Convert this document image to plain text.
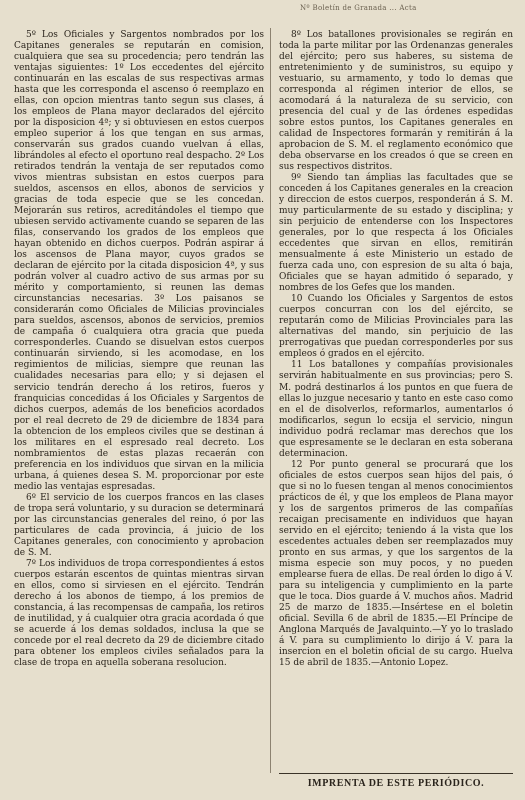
Nº Boletín de Granada ... Acta

5º Los Oficiales y Sargentos nombrados por los Capitanes generales se reputarán en comision, cualquiera que sea su procedencia; pero tendrán las ventajas siguientes: 1º Los eccedentes del ejército continuarán en las escalas de sus respectivas armas hasta que les corresponda el ascenso ó reemplazo en ellas, con opcion mientras tanto segun sus clases, á los empleos de Plana mayor declarados del ejército por la disposicion 4ª; y si obtuviesen en estos cuerpos empleo superior á los que tengan en sus armas, conservarán sus grados cuando vuelvan á ellas, librándoles al efecto el oportuno real despacho. 2º Los retirados tendrán la ventaja de ser reputados como vivos mientras subsistan en estos cuerpos para sueldos, ascensos en ellos, abonos de servicios y gracias de toda especie que se les concedan. Mejorarán sus retiros, acreditándoles el tiempo que ubiesen servido activamente cuando se separen de las filas, conservando los grados de los empleos que hayan obtenido en dichos cuerpos. Podrán aspirar á los ascensos de Plana mayor, cuyos grados se declaran de ejército por la citada disposicion 4ª, y sus podrán volver al cuadro activo de sus armas por su mérito y comportamiento, si reunen las demas circunstancias necesarias. 3º Los paisanos se considerarán como Oficiales de Milicias provinciales para sueldos, ascensos, abonos de servicios, premios de campaña ó cualquiera otra gracia que pueda corresponderles. Cuando se disuelvan estos cuerpos continuarán sirviendo, si les acomodase, en los regimientos de milicias, siempre que reunan las cualidades necesarias para ello; y si dejasen el servicio tendrán derecho á los retiros, fueros y franquicias concedidas á los Oficiales y Sargentos de dichos cuerpos, además de los beneficios acordados por el real decreto de 29 de diciembre de 1834 para la obtencion de los empleos civiles que se destinan á los militares en el espresado real decreto. Los nombramientos de estas plazas recaerán con preferencia en los individuos que sirvan en la milicia urbana, á quienes desea S. M. proporcionar por este medio las ventajas espresadas.

6º El servicio de los cuerpos francos en las clases de tropa será voluntario, y su duracion se determinará por las circunstancias generales del reino, ó por las particulares de cada provincia, á juicio de los Capitanes generales, con conocimiento y aprobacion de S. M.

7º Los individuos de tropa correspondientes á estos cuerpos estarán escentos de quintas mientras sirvan en ellos, como si sirviesen en el ejército. Tendrán derecho á los abonos de tiempo, á los premios de constancia, á las recompensas de campaña, los retiros de inutilidad, y á cualquier otra gracia acordada ó que se acuerde á los demas soldados, inclusa la que se concede por el real decreto da 29 de diciembre citado para obtener los empleos civiles señalados para la clase de tropa en aquella soberana resolucion.

8º Los batallones provisionales se regirán en toda la parte militar por las Ordenanzas generales del ejército; pero sus haberes, su sistema de entretenimiento y de suministros, su equipo y vestuario, su armamento, y todo lo demas que corresponda al régimen interior de ellos, se acomodará á la naturaleza de su servicio, con presencia del cual y de las órdenes espedidas sobre estos puntos, los Capitanes generales en calidad de Inspectores formarán y remitirán á la aprobacion de S. M. el reglamento económico que deba observarse en los creados ó que se creen en sus respectivos distritos.

9º Siendo tan ámplias las facultades que se conceden á los Capitanes generales en la creacion y direccion de estos cuerpos, responderán á S. M. muy particularmente de su estado y disciplina; y sin perjuicio de entenderse con los Inspectores generales, por lo que respecta á los Oficiales eccedentes que sirvan en ellos, remitirán mensualmente á este Ministerio un estado de fuerza cada uno, con espresion de su alta ó baja, Oficiales que se hayan admitido ó separado, y nombres de los Gefes que los manden.

10 Cuando los Oficiales y Sargentos de estos cuerpos concurran con los del ejército, se reputarán como de Milicias Provinciales para las alternativas del mando, sin perjuicio de las prerrogativas que puedan corresponderles por sus empleos ó grados en el ejército.

11 Los batallones y compañías provisionales servirán habitualmente en sus provincias; pero S. M. podrá destinarlos á los puntos en que fuera de ellas lo juzgue necesario y tanto en este caso como en el de disolverlos, reformarlos, aumentarlos ó modificarlos, segun lo ecsija el servicio, ningun individuo podrá reclamar mas derechos que los que espresamente se le declaran en esta soberana determinacion.

12 Por punto general se procurará que los oficiales de estos cuerpos sean hijos del pais, ó que si no lo fuesen tengan al menos conocimientos prácticos de él, y que los empleos de Plana mayor y los de sargentos primeros de las compañías recaigan precisamente en individuos que hayan servido en el ejército; teniendo á la vista que los escedentes actuales deben ser reemplazados muy pronto en sus armas, y que los sargentos de la misma especie son muy pocos, y no pueden emplearse fuera de ellas. De real órden lo digo á V. para su inteligencia y cumplimiento en la parte que le toca. Dios guarde á V. muchos años. Madrid 25 de marzo de 1835.—Insértese en el boletin oficial. Sevilla 6 de abril de 1835.—El Príncipe de Anglona Marqués de Javalquinto.—Y yo lo traslado á V. para su cumplimiento lo dirijo á V. para la insercion en el boletin oficial de su cargo. Huelva 15 de abril de 1835.—Antonio Lopez.

IMPRENTA DE ESTE PERIÓDICO.
